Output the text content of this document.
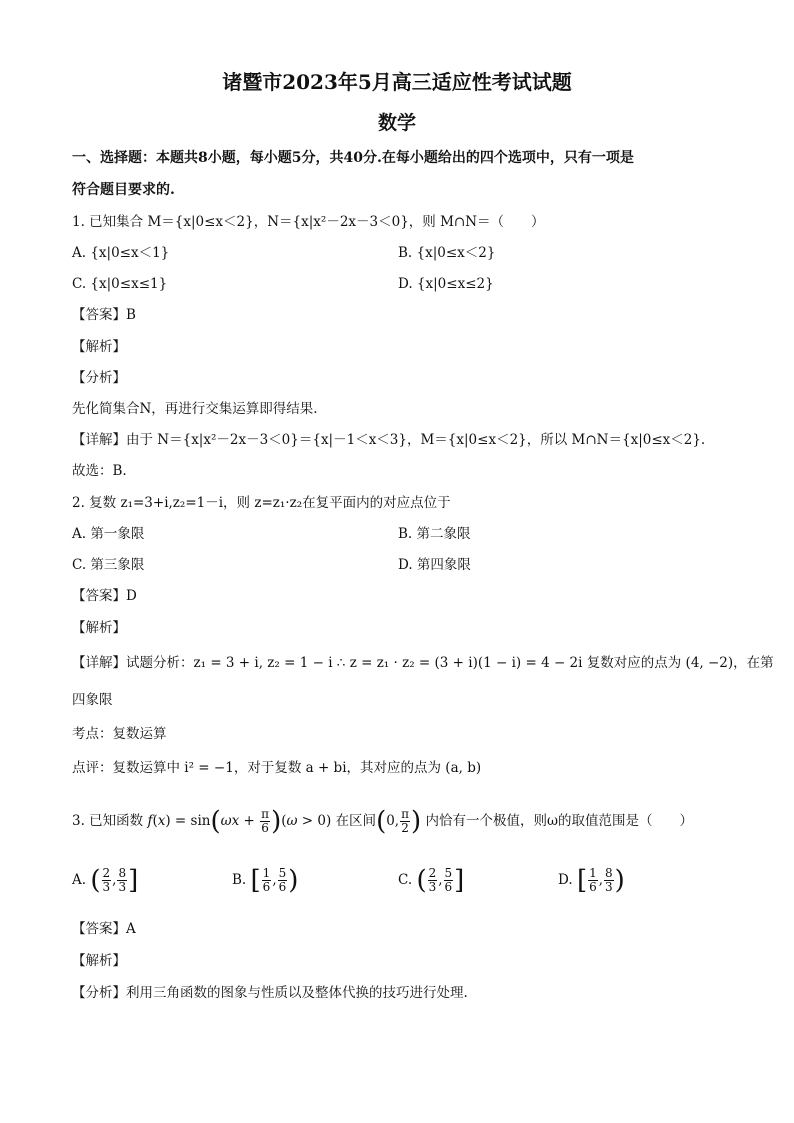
诸暨市2023年5月高三适应性考试试题
数学
一、选择题：本题共8小题，每小题5分，共40分.在每小题给出的四个选项中，只有一项是
符合题目要求的.
1. 已知集合 M＝{x|0≤x＜2}，N＝{x|x²－2x－3＜0}，则 M∩N＝（　　）
A. {x|0≤x＜1}	B. {x|0≤x＜2}
C. {x|0≤x≤1}	D. {x|0≤x≤2}
【答案】B
【解析】
【分析】
先化简集合N，再进行交集运算即得结果.
【详解】由于 N＝{x|x²－2x－3＜0}＝{x|－1＜x＜3}，M＝{x|0≤x＜2}，所以 M∩N＝{x|0≤x＜2}.
故选：B.
2. 复数 z₁=3+i,z₂=1－i，则 z=z₁·z₂在复平面内的对应点位于
A. 第一象限	B. 第二象限
C. 第三象限	D. 第四象限
【答案】D
【解析】
【详解】试题分析：z₁ = 3 + i, z₂ = 1 − i ∴ z = z₁ · z₂ = (3 + i)(1 − i) = 4 − 2i 复数对应的点为 (4, −2)，在第
四象限
考点：复数运算
点评：复数运算中 i² = −1，对于复数 a + bi，其对应的点为 (a, b)
3. 已知函数 $f(x) = \sin(\omega x + \frac{\pi}{6} )(\omega > 0)$ 在区间(0, $\frac{\pi}{2}$ ) 内恰有一个极值，则ω的取值范围是（　　）
A. ( $\frac{2}{3}$ , $\frac{8}{3}$ ]	B. [ $\frac{1}{6}$ , $\frac{5}{6}$ )	C. ( $\frac{2}{3}$ , $\frac{5}{6}$ ]	D. [ $\frac{1}{6}$ , $\frac{8}{3}$ )
【答案】A
【解析】
【分析】利用三角函数的图象与性质以及整体代换的技巧进行处理.
